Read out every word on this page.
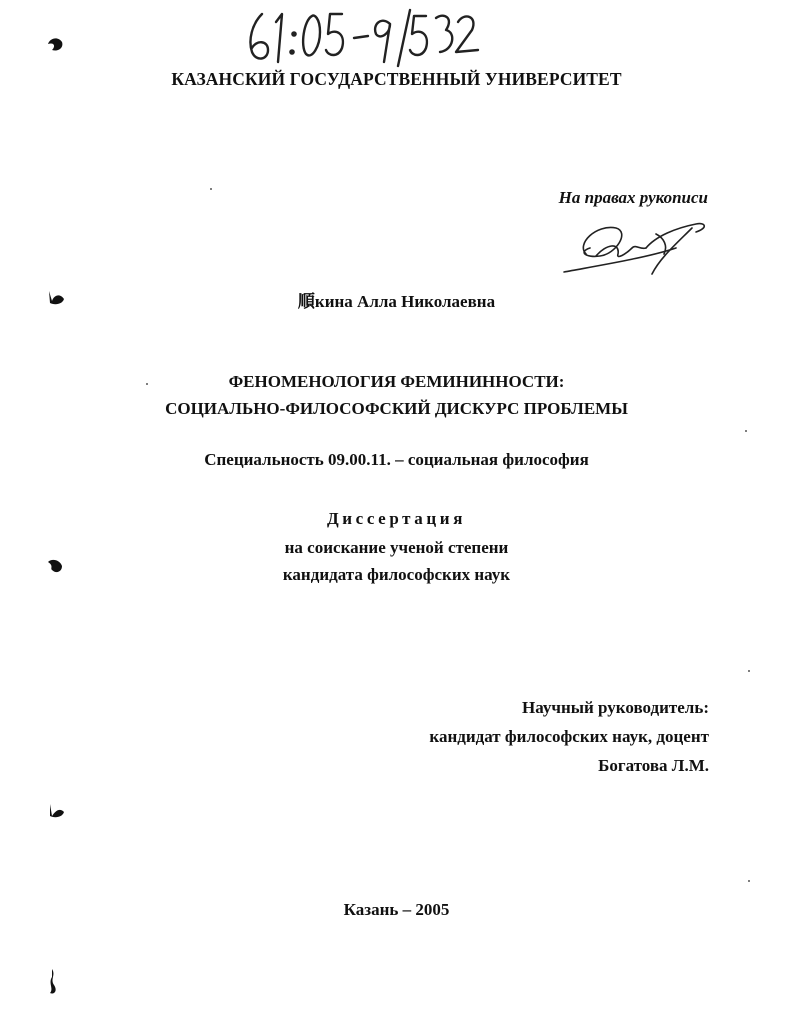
КАЗАНСКИЙ ГОСУДАРСТВЕННЫЙ УНИВЕРСИТЕТ
На правах рукописи
順кина Алла Николаевна
ФЕНОМЕНОЛОГИЯ ФЕМИНИННОСТИ:
СОЦИАЛЬНО-ФИЛОСОФСКИЙ ДИСКУРС ПРОБЛЕМЫ
Специальность 09.00.11. – социальная философия
Диссертация
на соискание ученой степени
кандидата философских наук
Научный руководитель:
кандидат философских наук, доцент
Богатова Л.М.
Казань – 2005
